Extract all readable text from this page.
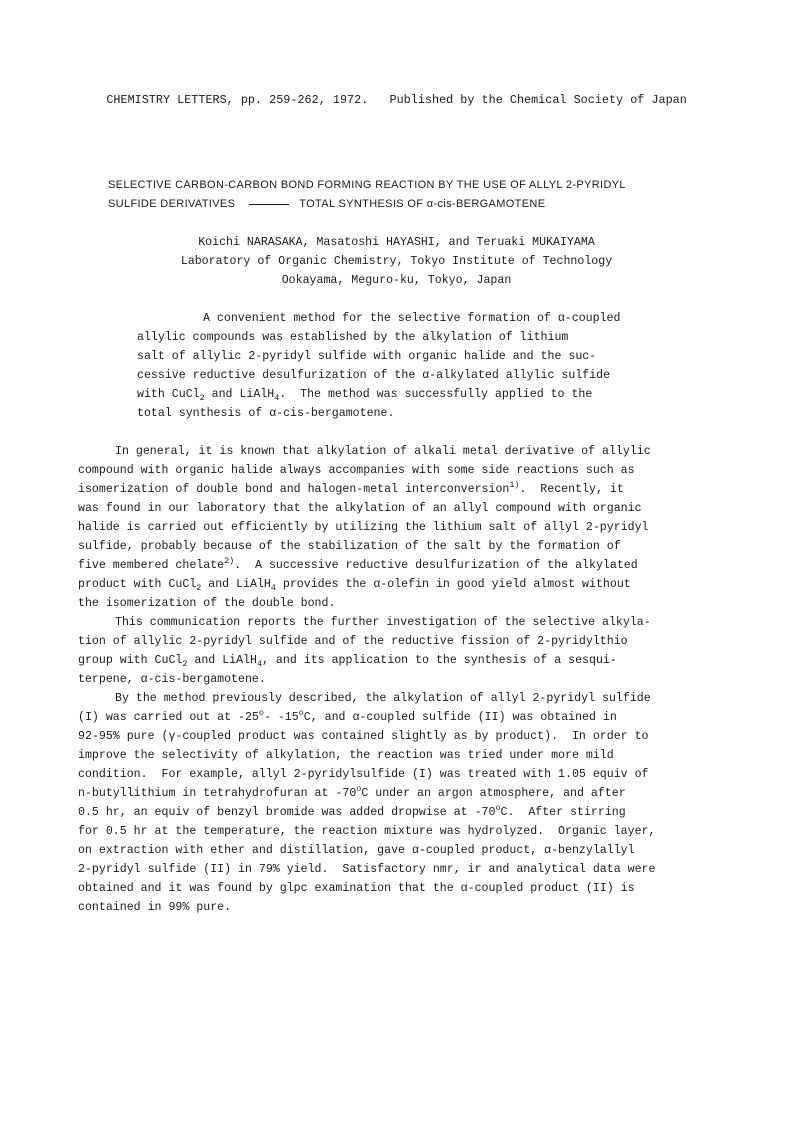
CHEMISTRY LETTERS, pp. 259-262, 1972. Published by the Chemical Society of Japan

SELECTIVE CARBON-CARBON BOND FORMING REACTION BY THE USE OF ALLYL 2-PYRIDYL
SULFIDE DERIVATIVES	TOTAL SYNTHESIS OF α-cis-BERGAMOTENE
Koichi NARASAKA, Masatoshi HAYASHI, and Teruaki MUKAIYAMA
Laboratory of Organic Chemistry, Tokyo Institute of Technology
Ookayama, Meguro-ku, Tokyo, Japan
A convenient method for the selective formation of α-coupled
allylic compounds was established by the alkylation of lithium
salt of allylic 2-pyridyl sulfide with organic halide and the suc-
cessive reductive desulfurization of the α-alkylated allylic sulfide
with CuCl$_2$ and LiAlH$_4$.  The method was successfully applied to the
total synthesis of α-cis-bergamotene.
In general, it is known that alkylation of alkali metal derivative of allylic
compound with organic halide always accompanies with some side reactions such as
isomerization of double bond and halogen-metal interconversion$^{1)}$.  Recently, it
was found in our laboratory that the alkylation of an allyl compound with organic
halide is carried out efficiently by utilizing the lithium salt of allyl 2-pyridyl
sulfide, probably because of the stabilization of the salt by the formation of
five membered chelate$^{2)}$.  A successive reductive desulfurization of the alkylated
product with CuCl$_2$ and LiAlH$_4$ provides the α-olefin in good yield almost without
the isomerization of the double bond.
This communication reports the further investigation of the selective alkyla-
tion of allylic 2-pyridyl sulfide and of the reductive fission of 2-pyridylthio
group with CuCl$_2$ and LiAlH$_4$, and its application to the synthesis of a sesqui-
terpene, α-cis-bergamotene.
By the method previously described, the alkylation of allyl 2-pyridyl sulfide
(I) was carried out at -25$^o$- -15$^o$C, and α-coupled sulfide (II) was obtained in
92-95% pure (γ-coupled product was contained slightly as by product).  In order to
improve the selectivity of alkylation, the reaction was tried under more mild
condition.  For example, allyl 2-pyridylsulfide (I) was treated with 1.05 equiv of
n-butyllithium in tetrahydrofuran at -70$^o$C under an argon atmosphere, and after
0.5 hr, an equiv of benzyl bromide was added dropwise at -70$^o$C.  After stirring
for 0.5 hr at the temperature, the reaction mixture was hydrolyzed.  Organic layer,
on extraction with ether and distillation, gave α-coupled product, α-benzylallyl
2-pyridyl sulfide (II) in 79% yield.  Satisfactory nmr, ir and analytical data were
obtained and it was found by glpc examination that the α-coupled product (II) is
contained in 99% pure.
